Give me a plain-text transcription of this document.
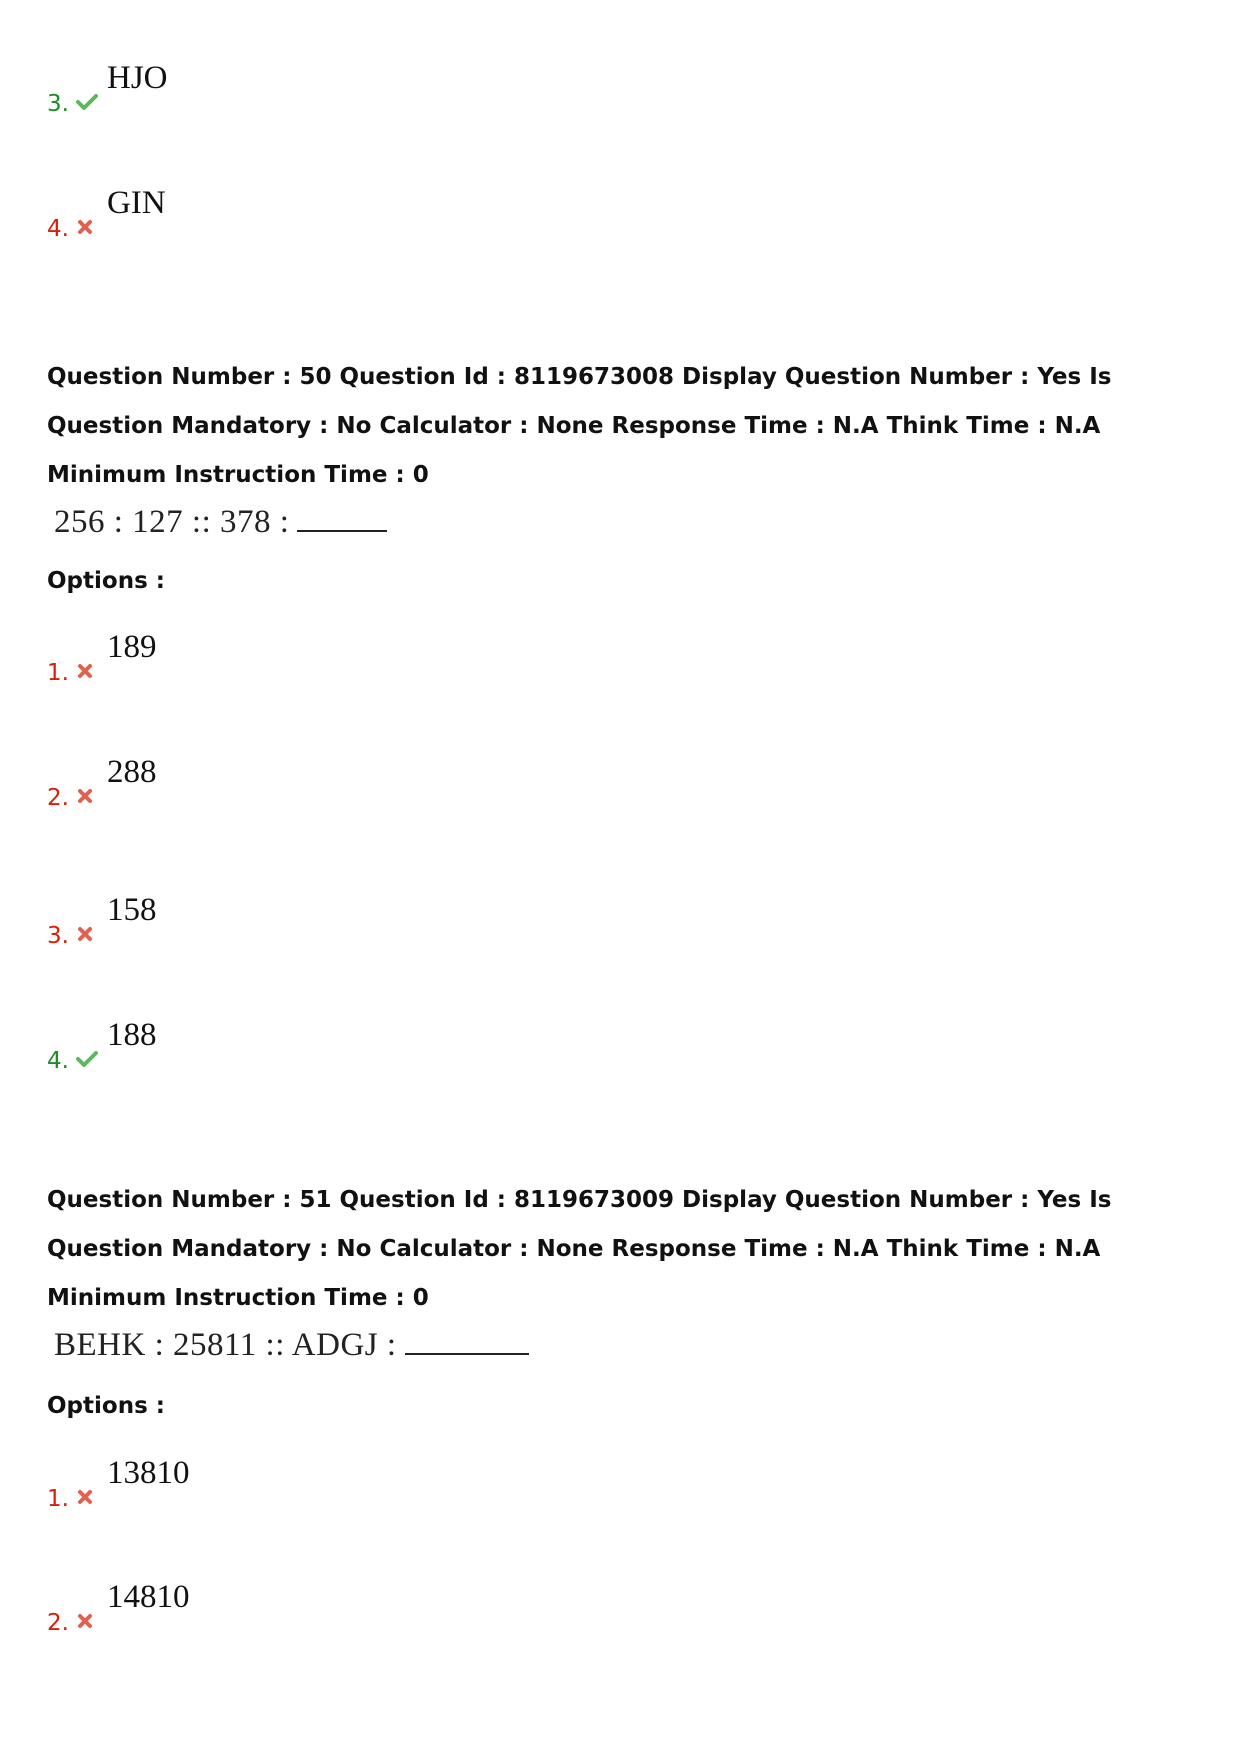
3.
HJO
4.
GIN
Question Number : 50 Question Id : 8119673008 Display Question Number : Yes Is Question Mandatory : No Calculator : None Response Time : N.A Think Time : N.A Minimum Instruction Time : 0
256 : 127 :: 378 :
Options :
1.
189
2.
288
3.
158
4.
188
Question Number : 51 Question Id : 8119673009 Display Question Number : Yes Is Question Mandatory : No Calculator : None Response Time : N.A Think Time : N.A Minimum Instruction Time : 0
BEHK : 25811 :: ADGJ :
Options :
1.
13810
2.
14810
